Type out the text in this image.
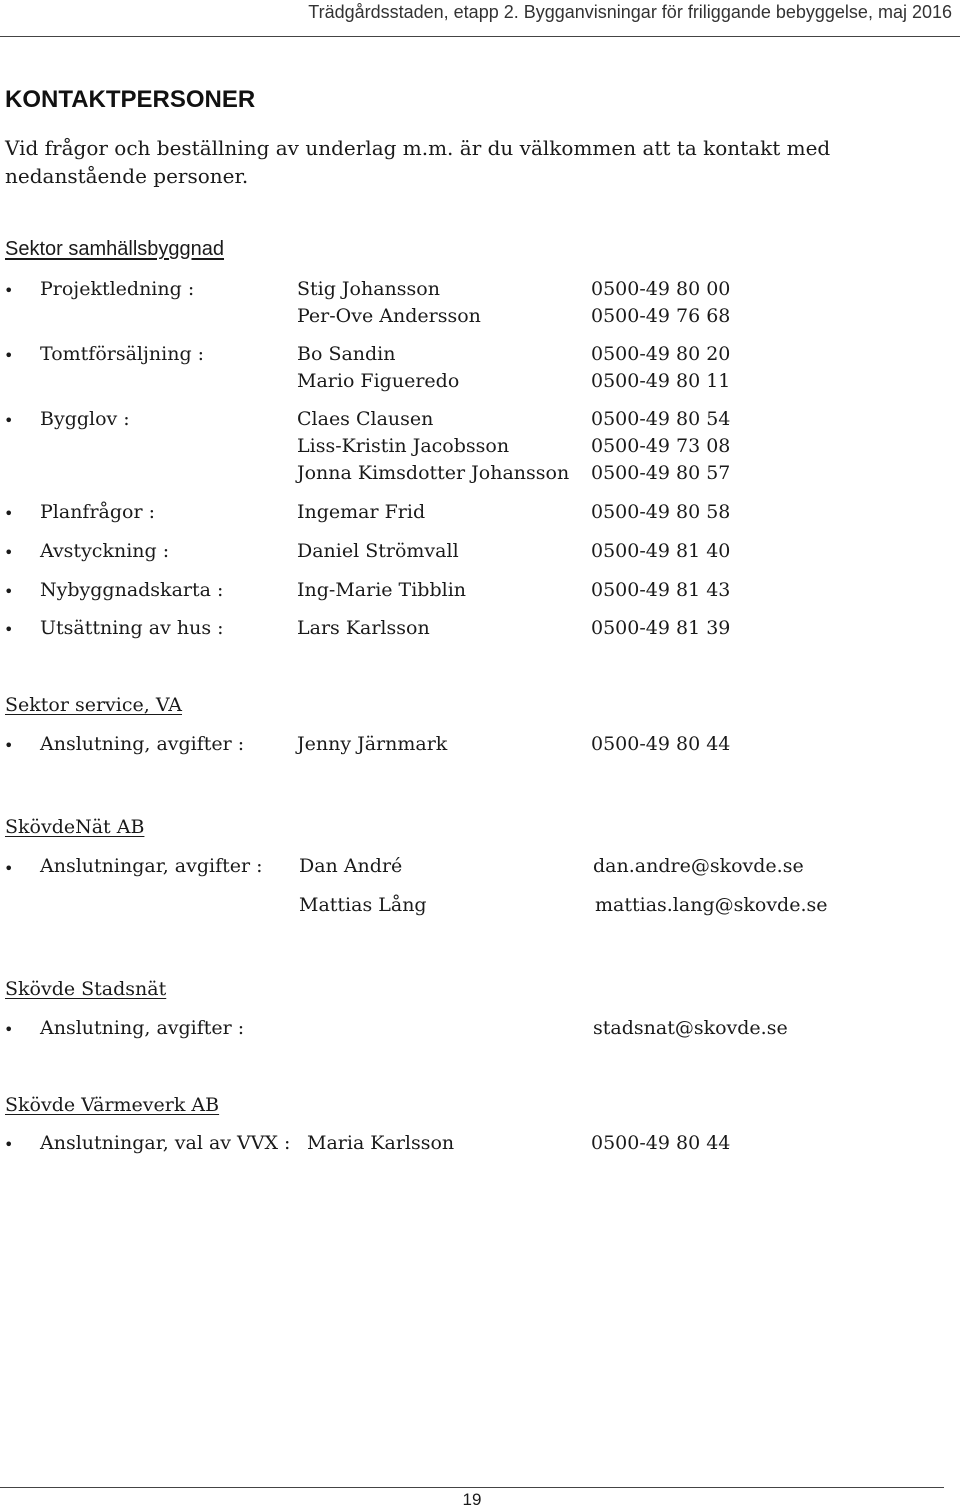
Trädgårdsstaden, etapp 2. Bygganvisningar för friliggande bebyggelse, maj 2016
KONTAKTPERSONER
Vid frågor och beställning av underlag m.m. är du välkommen att ta kontakt med nedanstående personer.
Sektor samhällsbyggnad
• Projektledning :	Stig Johansson	0500-49 80 00
Per-Ove Andersson	0500-49 76 68
• Tomtförsäljning :	Bo Sandin	0500-49 80 20
Mario Figueredo	0500-49 80 11
• Bygglov :	Claes Clausen	0500-49 80 54
Liss-Kristin Jacobsson	0500-49 73 08
Jonna Kimsdotter Johansson 0500-49 80 57
• Planfrågor :	Ingemar Frid	0500-49 80 58
• Avstyckning :	Daniel Strömvall	0500-49 81 40
• Nybyggnadskarta :	Ing-Marie Tibblin	0500-49 81 43
• Utsättning av hus :	Lars Karlsson	0500-49 81 39
Sektor service, VA
• Anslutning, avgifter :	Jenny Järnmark	0500-49 80 44
SkövdeNät AB
• Anslutningar, avgifter : Dan André	dan.andre@skovde.se
Mattias Lång	mattias.lang@skovde.se
Skövde Stadsnät
• Anslutning, avgifter :	stadsnat@skovde.se
Skövde Värmeverk AB
• Anslutningar, val av VVX : Maria Karlsson	0500-49 80 44
19
